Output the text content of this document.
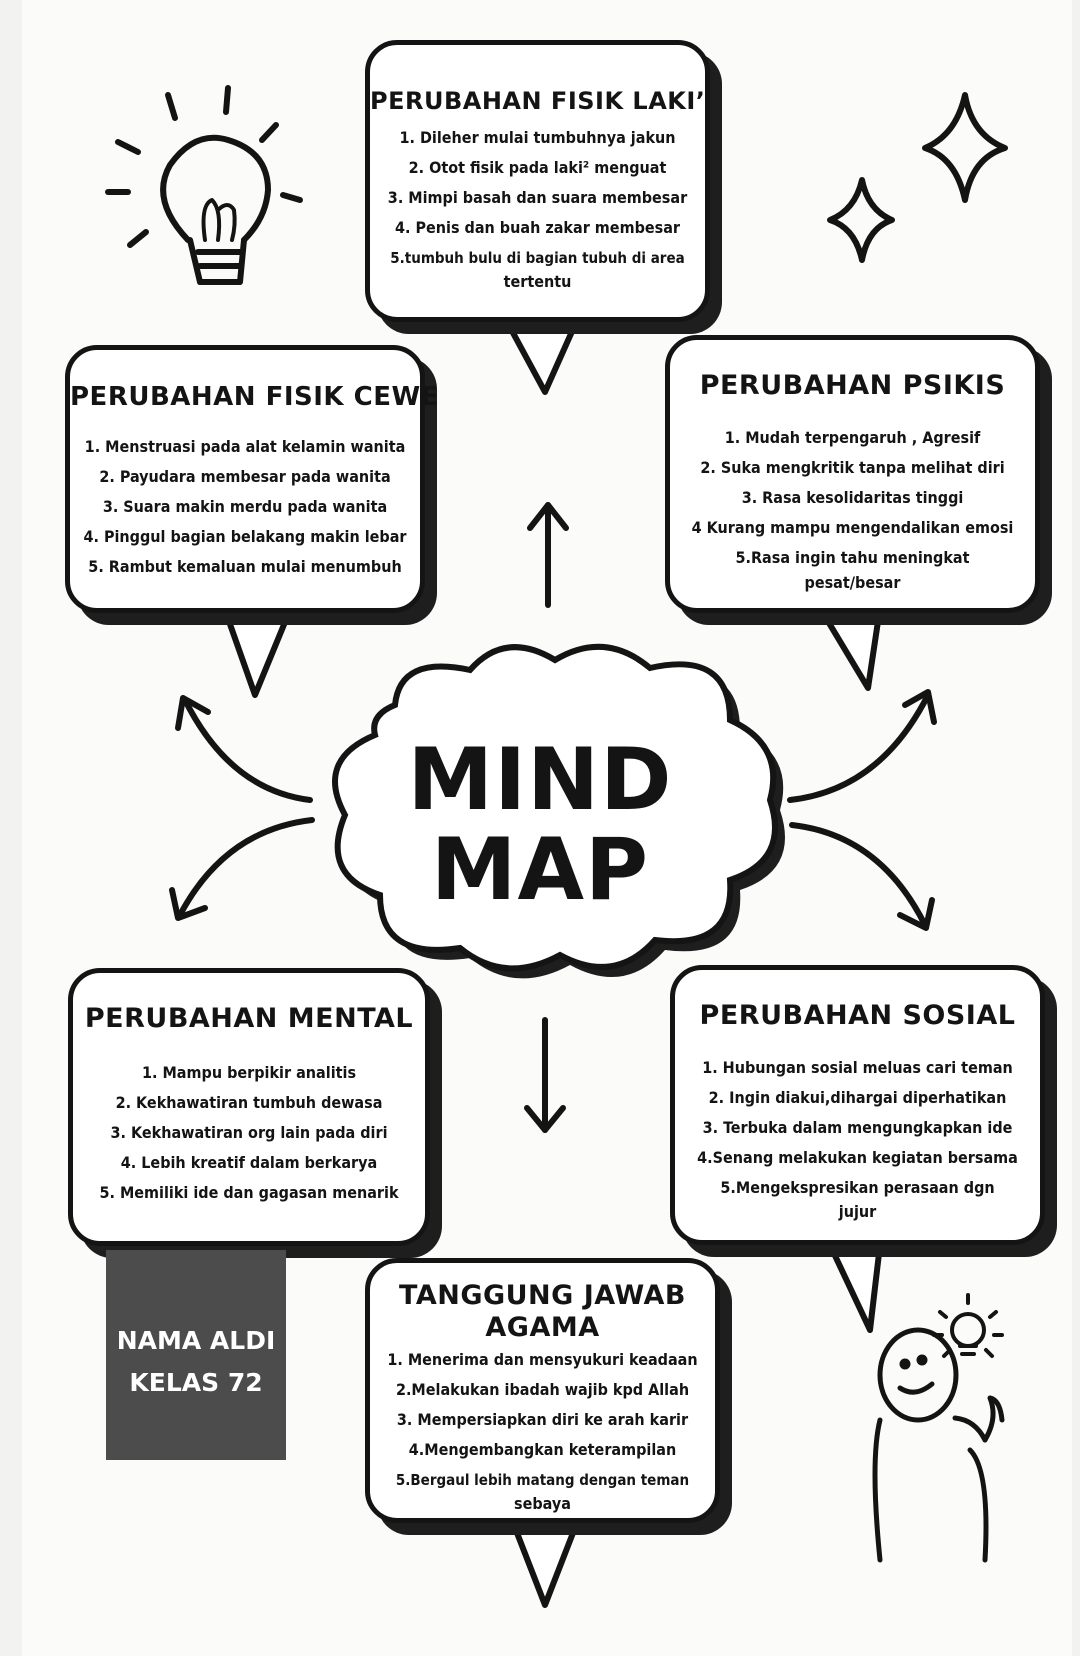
MIND
MAP
PERUBAHAN FISIK LAKI’
1. Dileher mulai tumbuhnya jakun
2. Otot fisik pada laki² menguat
3. Mimpi basah dan suara membesar
4. Penis dan buah zakar membesar
5.tumbuh bulu di bagian tubuh di area
tertentu
PERUBAHAN FISIK CEWE
1. Menstruasi pada alat kelamin wanita
2. Payudara membesar pada wanita
3. Suara makin merdu pada wanita
4. Pinggul bagian belakang makin lebar
5. Rambut kemaluan mulai menumbuh
PERUBAHAN PSIKIS
1. Mudah terpengaruh , Agresif
2. Suka mengkritik tanpa melihat diri
3. Rasa kesolidaritas tinggi
4 Kurang mampu mengendalikan emosi
5.Rasa ingin tahu meningkat
pesat/besar
PERUBAHAN MENTAL
1. Mampu berpikir analitis
2. Kekhawatiran tumbuh dewasa
3. Kekhawatiran org lain pada diri
4. Lebih kreatif dalam berkarya
5. Memiliki ide dan gagasan menarik
PERUBAHAN SOSIAL
1. Hubungan sosial meluas cari teman
2. Ingin diakui,dihargai diperhatikan
3. Terbuka dalam mengungkapkan ide
4.Senang melakukan kegiatan bersama
5.Mengekspresikan perasaan dgn
jujur
TANGGUNG JAWAB
AGAMA
1. Menerima dan mensyukuri keadaan
2.Melakukan ibadah wajib kpd Allah
3. Mempersiapkan diri ke arah karir
4.Mengembangkan keterampilan
5.Bergaul lebih matang dengan teman
sebaya
NAMA ALDI
KELAS 72
